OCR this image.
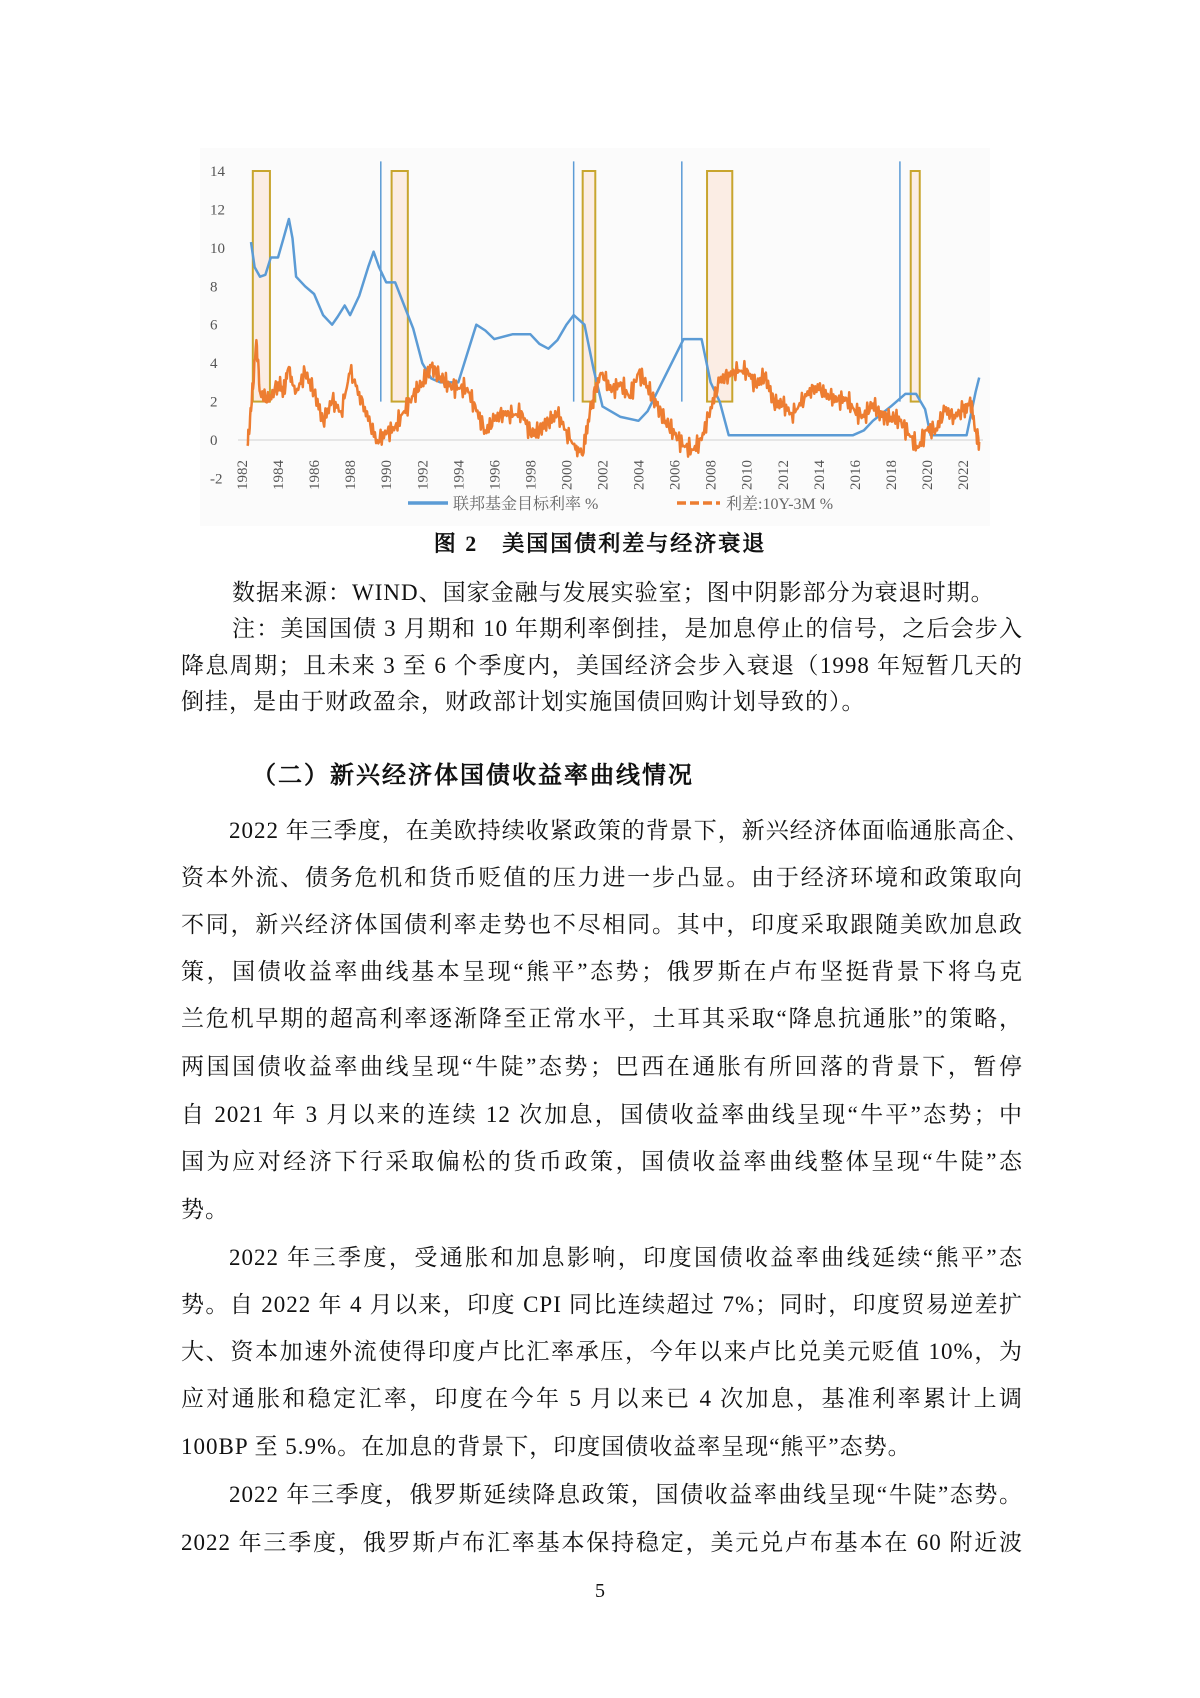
-2
0
2
4
6
8
10
12
14
1982 1984 1986 1988 1990 1992 1994 1996 1998 2000 2002 2004 2006 2008 2010 2012 2014 2016 2018 2020 2022
联邦基金目标利率 %	利差:10Y-3M %
图 2　美国国债利差与经济衰退
数据来源：WIND、国家金融与发展实验室；图中阴影部分为衰退时期。
注：美国国债 3 月期和 10 年期利率倒挂，是加息停止的信号，之后会步入
降息周期；且未来 3 至 6 个季度内，美国经济会步入衰退（1998 年短暂几天的
倒挂，是由于财政盈余，财政部计划实施国债回购计划导致的）。
（二）新兴经济体国债收益率曲线情况
2022 年三季度，在美欧持续收紧政策的背景下，新兴经济体面临通胀高企、
资本外流、债务危机和货币贬值的压力进一步凸显。由于经济环境和政策取向
不同，新兴经济体国债利率走势也不尽相同。其中，印度采取跟随美欧加息政
策，国债收益率曲线基本呈现“熊平”态势；俄罗斯在卢布坚挺背景下将乌克
兰危机早期的超高利率逐渐降至正常水平，土耳其采取“降息抗通胀”的策略，
两国国债收益率曲线呈现“牛陡”态势；巴西在通胀有所回落的背景下，暂停
自 2021 年 3 月以来的连续 12 次加息，国债收益率曲线呈现“牛平”态势；中
国为应对经济下行采取偏松的货币政策，国债收益率曲线整体呈现“牛陡”态
势。
2022 年三季度，受通胀和加息影响，印度国债收益率曲线延续“熊平”态
势。自 2022 年 4 月以来，印度 CPI 同比连续超过 7%；同时，印度贸易逆差扩
大、资本加速外流使得印度卢比汇率承压，今年以来卢比兑美元贬值 10%，为
应对通胀和稳定汇率，印度在今年 5 月以来已 4 次加息，基准利率累计上调
100BP 至 5.9%。在加息的背景下，印度国债收益率呈现“熊平”态势。
2022 年三季度，俄罗斯延续降息政策，国债收益率曲线呈现“牛陡”态势。
2022 年三季度，俄罗斯卢布汇率基本保持稳定，美元兑卢布基本在 60 附近波
5
